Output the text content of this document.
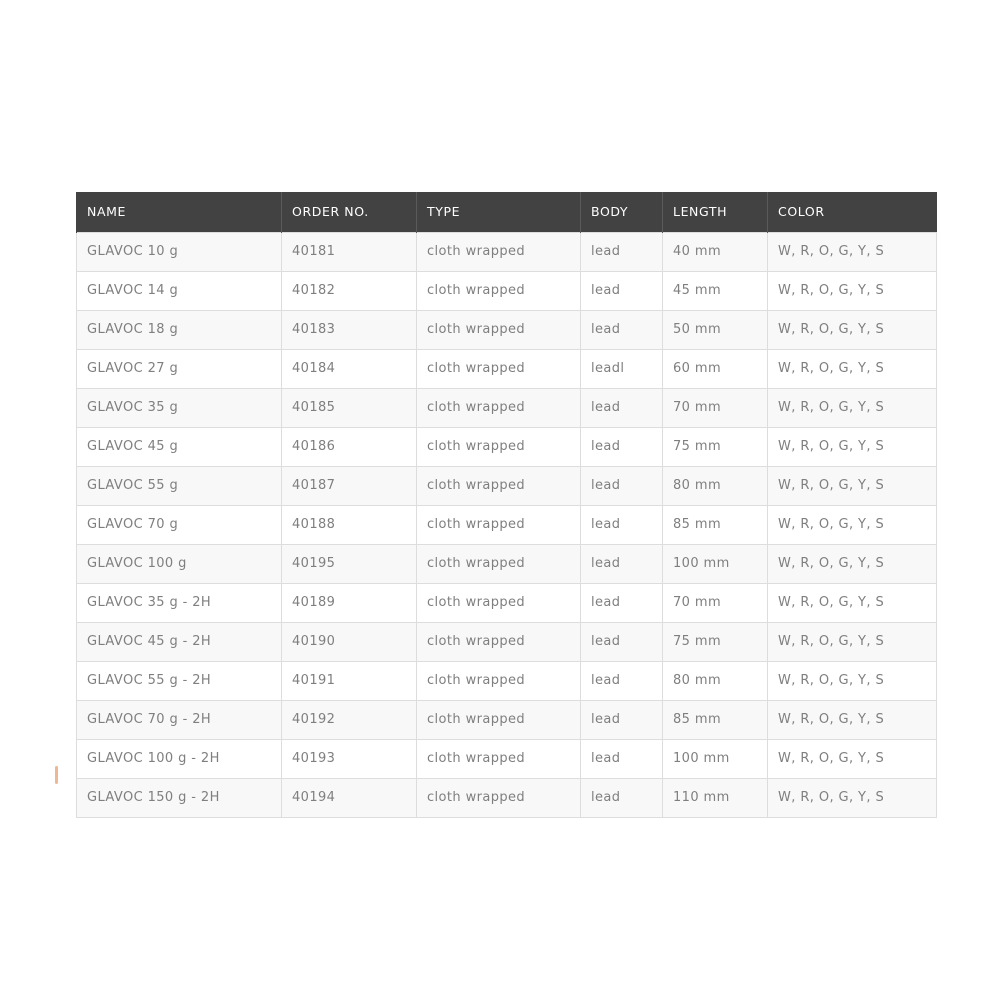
NAME	ORDER NO.	TYPE	BODY	LENGTH	COLOR
GLAVOC 10 g	40181	cloth wrapped	lead	40 mm	W, R, O, G, Y, S
GLAVOC 14 g	40182	cloth wrapped	lead	45 mm	W, R, O, G, Y, S
GLAVOC 18 g	40183	cloth wrapped	lead	50 mm	W, R, O, G, Y, S
GLAVOC 27 g	40184	cloth wrapped	leadl	60 mm	W, R, O, G, Y, S
GLAVOC 35 g	40185	cloth wrapped	lead	70 mm	W, R, O, G, Y, S
GLAVOC 45 g	40186	cloth wrapped	lead	75 mm	W, R, O, G, Y, S
GLAVOC 55 g	40187	cloth wrapped	lead	80 mm	W, R, O, G, Y, S
GLAVOC 70 g	40188	cloth wrapped	lead	85 mm	W, R, O, G, Y, S
GLAVOC 100 g	40195	cloth wrapped	lead	100 mm	W, R, O, G, Y, S
GLAVOC 35 g - 2H	40189	cloth wrapped	lead	70 mm	W, R, O, G, Y, S
GLAVOC 45 g - 2H	40190	cloth wrapped	lead	75 mm	W, R, O, G, Y, S
GLAVOC 55 g - 2H	40191	cloth wrapped	lead	80 mm	W, R, O, G, Y, S
GLAVOC 70 g - 2H	40192	cloth wrapped	lead	85 mm	W, R, O, G, Y, S
GLAVOC 100 g - 2H	40193	cloth wrapped	lead	100 mm	W, R, O, G, Y, S
GLAVOC 150 g - 2H	40194	cloth wrapped	lead	110 mm	W, R, O, G, Y, S
